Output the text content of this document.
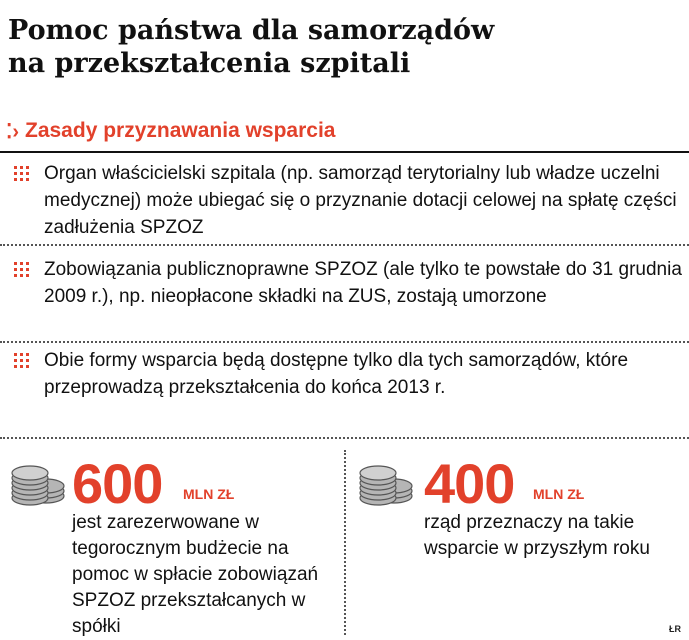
Pomoc państwa dla samorządów
na przekształcenia szpitali
⁚› Zasady przyznawania wsparcia
Organ właścicielski szpitala (np. samorząd terytorialny lub władze uczelni medycznej) może ubiegać się o przyznanie dotacji celowej na spłatę części zadłużenia SPZOZ
Zobowiązania publicznoprawne SPZOZ (ale tylko te powstałe do 31 grudnia 2009 r.), np. nieopłacone składki na ZUS, zostają umorzone
Obie formy wsparcia będą dostępne tylko dla tych samorządów, które przeprowadzą przekształcenia do końca 2013 r.
600 MLN ZŁ
jest zarezerwowane w tegorocznym budżecie na pomoc w spłacie zobowiązań SPZOZ przekształcanych w spółki
400 MLN ZŁ
rząd przeznaczy na takie wsparcie w przyszłym roku
ŁR
